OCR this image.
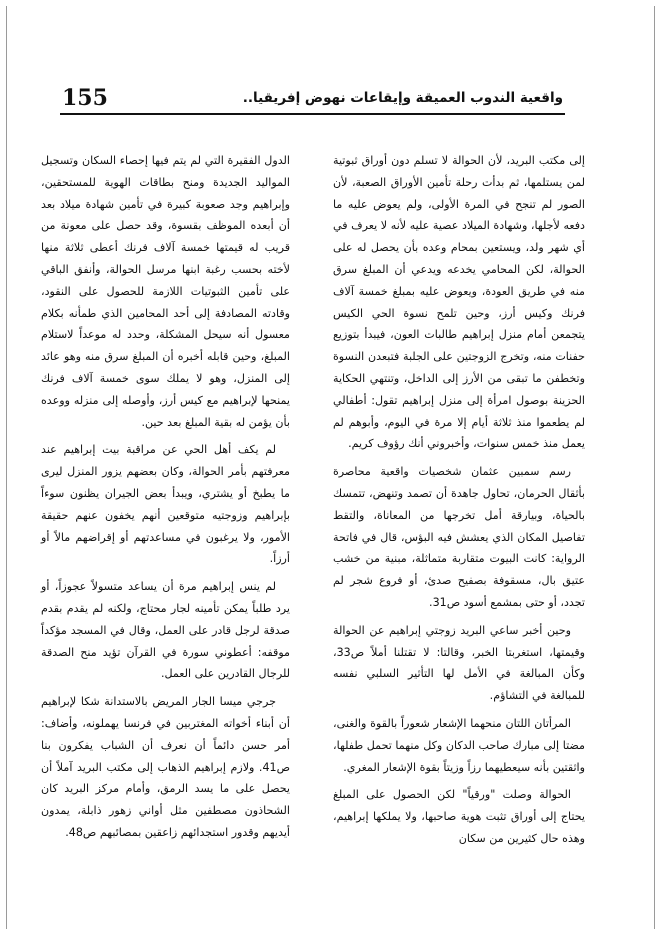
155	واقعية الندوب العميقة وإيقاعات نهوض إفريقيا..

إلى مكتب البريد، لأن الحوالة لا تسلم دون أوراق ثبوتية لمن يستلمها، ثم بدأت رحلة تأمين الأوراق الصعبة، لأن الصور لم تنجح في المرة الأولى، ولم يعوض عليه ما دفعه لأجلها، وشهادة الميلاد عصية عليه لأنه لا يعرف في أي شهر ولد، ويستعين بمحام وعده بأن يحصل له على الحوالة، لكن المحامي يخدعه ويدعي أن المبلغ سرق منه في طريق العودة، ويعوض عليه بمبلغ خمسة آلاف فرنك وكيس أرز، وحين تلمح نسوة الحي الكيس يتجمعن أمام منزل إبراهيم طالبات العون، فيبدأ بتوزيع حفنات منه، وتخرج الزوجتين على الجلبة فتبعدن النسوة وتخطفن ما تبقى من الأرز إلى الداخل، وتنتهي الحكاية الحزينة بوصول امرأة إلى منزل إبراهيم تقول: أطفالي لم يطعموا منذ ثلاثة أيام إلا مرة في اليوم، وأبوهم لم يعمل منذ خمس سنوات، وأخبروني أنك رؤوف كريم.

رسم سمبين عثمان شخصيات واقعية محاصرة بأثقال الحرمان، تحاول جاهدة أن تصمد وتنهض، تتمسك بالحياة، وبيارقة أمل تخرجها من المعاناة، والتقط تفاصيل المكان الذي يعشش فيه البؤس، قال في فاتحة الرواية: كانت البيوت متقاربة متماثلة، مبنية من خشب عتيق بال، مسقوفة بصفيح صدئ، أو فروع شجر لم تجدد، أو حتى بمشمع أسود ص31.

وحين أخبر ساعي البريد زوجتي إبراهيم عن الحوالة وقيمتها، استغربتا الخبر، وقالتا: لا تقتلنا أملاً ص33، وكأن المبالغة في الأمل لها التأثير السلبي نفسه للمبالغة في التشاؤم.

المرأتان اللتان منحهما الإشعار شعوراً بالقوة والغنى، مضتا إلى مبارك صاحب الدكان وكل منهما تحمل طفلها، واثقتين بأنه سيعطيهما رزاً وزيتاً بقوة الإشعار المغري.

الحوالة وصلت "ورقياً" لكن الحصول على المبلغ يحتاج إلى أوراق تثبت هوية صاحبها، ولا يملكها إبراهيم، وهذه حال كثيرين من سكان

الدول الفقيرة التي لم يتم فيها إحصاء السكان وتسجيل المواليد الجديدة ومنح بطاقات الهوية للمستحقين، وإبراهيم وجد صعوبة كبيرة في تأمين شهادة ميلاد بعد أن أبعده الموظف بقسوة، وقد حصل على معونة من قريب له قيمتها خمسة آلاف فرنك أعطى ثلاثة منها لأخته بحسب رغبة ابنها مرسل الحوالة، وأنفق الباقي على تأمين الثبوتيات اللازمة للحصول على النقود، وقادته المصادفة إلى أحد المحامين الذي طمأنه بكلام معسول أنه سيحل المشكلة، وحدد له موعداً لاستلام المبلغ، وحين قابله أخبره أن المبلغ سرق منه وهو عائد إلى المنزل، وهو لا يملك سوى خمسة آلاف فرنك يمنحها لإبراهيم مع كيس أرز، وأوصله إلى منزله ووعده بأن يؤمن له بقية المبلغ بعد حين.

لم يكف أهل الحي عن مراقبة بيت إبراهيم عند معرفتهم بأمر الحوالة، وكان بعضهم يزور المنزل ليرى ما يطبخ أو يشتري، ويبدأ بعض الجيران يظنون سوءاً بإبراهيم وزوجتيه متوقعين أنهم يخفون عنهم حقيقة الأمور، ولا يرغبون في مساعدتهم أو إقراضهم مالاً أو أرزاً.

لم ينس إبراهيم مرة أن يساعد متسولاً عجوزاً، أو يرد طلباً يمكن تأمينه لجار محتاج، ولكنه لم يقدم بقدم صدقة لرجل قادر على العمل، وقال في المسجد مؤكداً موقفه: أعطوني سورة في القرآن تؤيد منح الصدقة للرجال القادرين على العمل.

جرجي ميسا الجار المريض بالاستدانة شكا لإبراهيم أن أبناء أخواته المغتربين في فرنسا يهملونه، وأضاف: أمر حسن دائماً أن نعرف أن الشباب يفكرون بنا ص41. ولازم إبراهيم الذهاب إلى مكتب البريد آملاً أن يحصل على ما يسد الرمق، وأمام مركز البريد كان الشحاذون مصطفين مثل أواني زهور ذابلة، يمدون أيديهم وقدور استجدائهم زاعقين بمصائبهم ص48.
